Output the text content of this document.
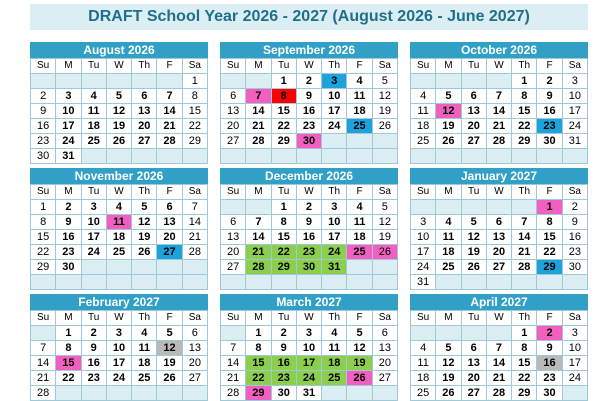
DRAFT School Year 2026 - 2027 (August 2026 - June 2027)
August 2026
Su	M	Tu	W	Th	F	Sa
						1
2	3	4	5	6	7	8
9	10	11	12	13	14	15
16	17	18	19	20	21	22
23	24	25	26	27	28	29
30	31					
September 2026
Su	M	Tu	W	Th	F	Sa
		1	2	3	4	5
6	7	8	9	10	11	12
13	14	15	16	17	18	19
20	21	22	23	24	25	26
27	28	29	30			

October 2026
Su	M	Tu	W	Th	F	Sa
				1	2	3
4	5	6	7	8	9	10
11	12	13	14	15	16	17
18	19	20	21	22	23	24
25	26	27	28	29	30	31

November 2026
Su	M	Tu	W	Th	F	Sa
1	2	3	4	5	6	7
8	9	10	11	12	13	14
15	16	17	18	19	20	21
22	23	24	25	26	27	28
29	30					

December 2026
Su	M	Tu	W	Th	F	Sa
		1	2	3	4	5
6	7	8	9	10	11	12
13	14	15	16	17	18	19
20	21	22	23	24	25	26
27	28	29	30	31		

January 2027
Su	M	Tu	W	Th	F	Sa
					1	2
3	4	5	6	7	8	9
10	11	12	13	14	15	16
17	18	19	20	21	22	23
24	25	26	27	28	29	30
31						
February 2027
Su	M	Tu	W	Th	F	Sa
	1	2	3	4	5	6
7	8	9	10	11	12	13
14	15	16	17	18	19	20
21	22	23	24	25	26	27
28						
March 2027
Su	M	Tu	W	Th	F	Sa
	1	2	3	4	5	6
7	8	9	10	11	12	13
14	15	16	17	18	19	20
21	22	23	24	25	26	27
28	29	30	31			
April 2027
Su	M	Tu	W	Th	F	Sa
				1	2	3
4	5	6	7	8	9	10
11	12	13	14	15	16	17
18	19	20	21	22	23	24
25	26	27	28	29	30	
